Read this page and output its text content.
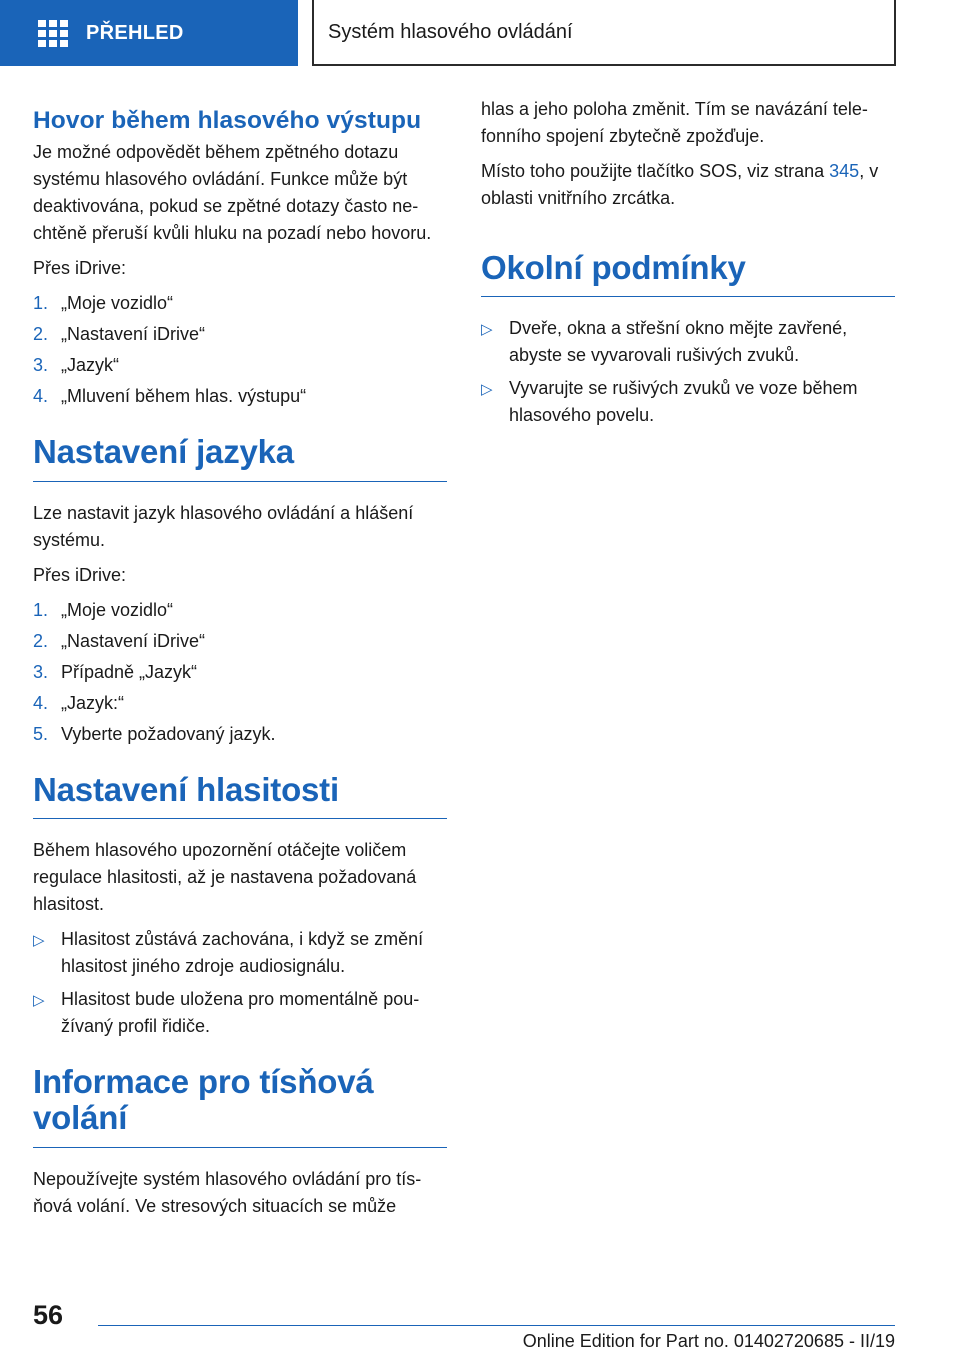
PŘEHLED	Systém hlasového ovládání
Hovor během hlasového výstupu

Je možné odpovědět během zpětného dotazu systému hlasového ovládání. Funkce může být deaktivována, pokud se zpětné dotazy často nechtěně přeruší kvůli hluku na pozadí nebo hovoru.

Přes iDrive:

1. „Moje vozidlo“
2. „Nastavení iDrive“
3. „Jazyk“
4. „Mluvení během hlas. výstupu“
Nastavení jazyka

Lze nastavit jazyk hlasového ovládání a hlášení systému.

Přes iDrive:

1. „Moje vozidlo“
2. „Nastavení iDrive“
3. Případně „Jazyk“
4. „Jazyk:“
5. Vyberte požadovaný jazyk.
Nastavení hlasitosti

Během hlasového upozornění otáčejte voličem regulace hlasitosti, až je nastavena požadovaná hlasitost.

▷ Hlasitost zůstává zachována, i když se změní hlasitost jiného zdroje audiosignálu.
▷ Hlasitost bude uložena pro momentálně používaný profil řidiče.
Informace pro tísňová
volání

Nepoužívejte systém hlasového ovládání pro tísňová volání. Ve stresových situacích se může

hlas a jeho poloha změnit. Tím se navázání telefonního spojení zbytečně zpožďuje.

Místo toho použijte tlačítko SOS, viz strana 345, v oblasti vnitřního zrcátka.

Okolní podmínky
▷ Dveře, okna a střešní okno mějte zavřené, abyste se vyvarovali rušivých zvuků.
▷ Vyvarujte se rušivých zvuků ve voze během hlasového povelu.
56
Online Edition for Part no. 01402720685 - II/19
